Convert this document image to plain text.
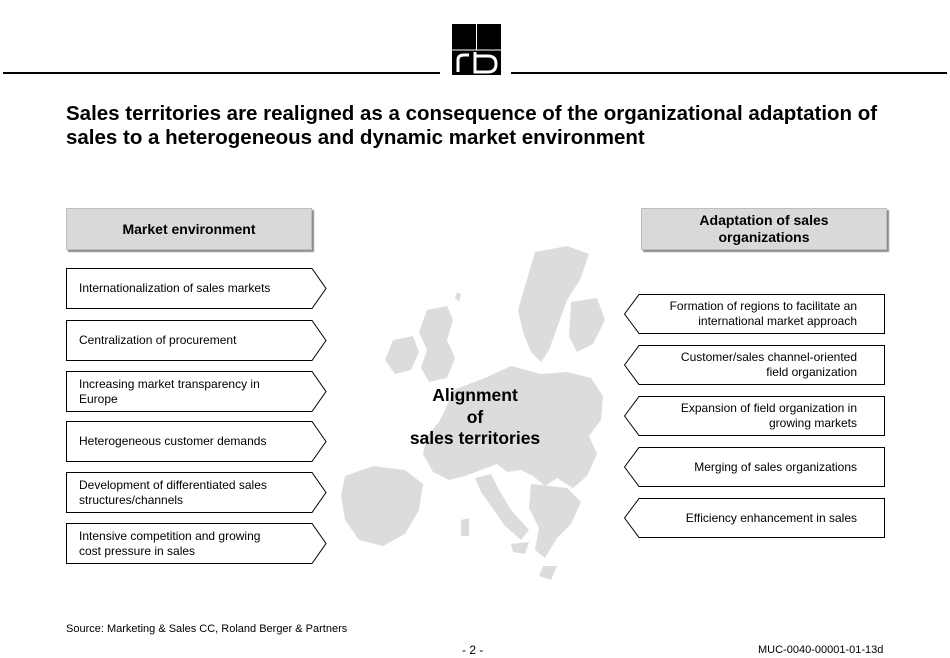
Sales territories are realigned as a consequence of the organizational adaptation of sales to a heterogeneous and dynamic market environment
Market environment
Adaptation of sales organizations
Alignment
of
sales territories
Internationalization of sales markets
Centralization of procurement
Increasing market transparency in Europe
Heterogeneous customer demands
Development of differentiated sales structures/channels
Intensive competition and growing cost pressure in sales
Formation of regions to facilitate an international market approach
Customer/sales channel-oriented field organization
Expansion of field organization in growing markets
Merging of sales organizations
Efficiency enhancement in sales
Source: Marketing & Sales CC, Roland Berger & Partners
- 2 -	MUC-0040-00001-01-13d
